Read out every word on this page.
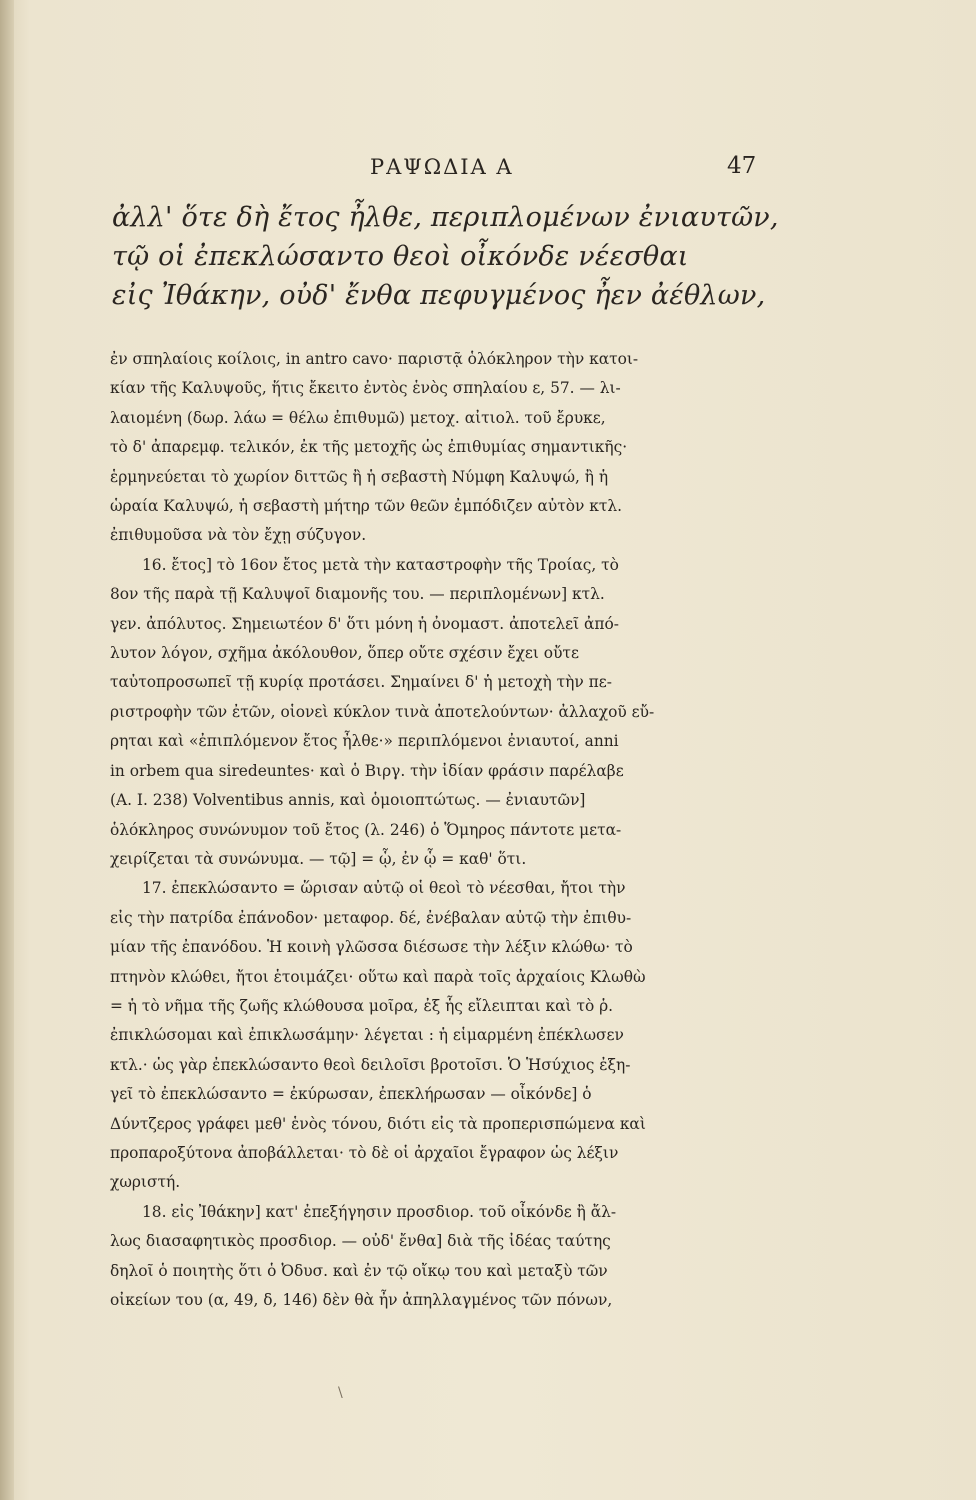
ΡΑΨΩΔΙΑ Α	47
ἀλλ' ὅτε δὴ ἔτος ἦλθε, περιπλομένων ἐνιαυτῶν,
τῷ οἱ ἐπεκλώσαντο θεοὶ οἶκόνδε νέεσθαι
εἰς Ἰθάκην, οὐδ' ἔνθα πεφυγμένος ἦεν ἀέθλων,
ἐν σπηλαίοις κοίλοις, in antro cavo· παριστᾷ ὁλόκληρον τὴν κατοι-
κίαν τῆς Καλυψοῦς, ἥτις ἔκειτο ἐντὸς ἑνὸς σπηλαίου ε, 57. — λι-
λαιομένη (δωρ. λάω = θέλω ἐπιθυμῶ) μετοχ. αἰτιολ. τοῦ ἔρυκε,
τὸ δ' ἀπαρεμφ. τελικόν, ἐκ τῆς μετοχῆς ὡς ἐπιθυμίας σημαντικῆς·
ἑρμηνεύεται τὸ χωρίον διττῶς ἢ ἡ σεβαστὴ Νύμφη Καλυψώ, ἢ ἡ
ὡραία Καλυψώ, ἡ σεβαστὴ μήτηρ τῶν θεῶν ἐμπόδιζεν αὐτὸν κτλ.
ἐπιθυμοῦσα νὰ τὸν ἔχῃ σύζυγον.
16. ἔτος] τὸ 16ον ἔτος μετὰ τὴν καταστροφὴν τῆς Τροίας, τὸ
8ον τῆς παρὰ τῇ Καλυψοῖ διαμονῆς του. — περιπλομένων] κτλ.
γεν. ἀπόλυτος. Σημειωτέον δ' ὅτι μόνη ἡ ὀνομαστ. ἀποτελεῖ ἀπό-
λυτον λόγον, σχῆμα ἀκόλουθον, ὅπερ οὔτε σχέσιν ἔχει οὔτε
ταὐτοπροσωπεῖ τῇ κυρίᾳ προτάσει. Σημαίνει δ' ἡ μετοχὴ τὴν πε-
ριστροφὴν τῶν ἐτῶν, οἱονεὶ κύκλον τινὰ ἀποτελούντων· ἀλλαχοῦ εὔ-
ρηται καὶ «ἐπιπλόμενον ἔτος ἦλθε·» περιπλόμενοι ἐνιαυτοί, anni
in orbem qua siredeuntes· καὶ ὁ Βιργ. τὴν ἰδίαν φράσιν παρέλαβε
(Α. Ι. 238) Volventibus annis, καὶ ὁμοιοπτώτως. — ἐνιαυτῶν]
ὁλόκληρος συνώνυμον τοῦ ἔτος (λ. 246) ὁ Ὅμηρος πάντοτε μετα-
χειρίζεται τὰ συνώνυμα. — τῷ] = ᾧ, ἐν ᾧ = καθ' ὅτι.
17. ἐπεκλώσαντο = ὥρισαν αὐτῷ οἱ θεοὶ τὸ νέεσθαι, ἤτοι τὴν
εἰς τὴν πατρίδα ἐπάνοδον· μεταφορ. δέ, ἐνέβαλαν αὐτῷ τὴν ἐπιθυ-
μίαν τῆς ἐπανόδου. Ἡ κοινὴ γλῶσσα διέσωσε τὴν λέξιν κλώθω· τὸ
πτηνὸν κλώθει, ἤτοι ἑτοιμάζει· οὕτω καὶ παρὰ τοῖς ἀρχαίοις Κλωθὼ
= ἡ τὸ νῆμα τῆς ζωῆς κλώθουσα μοῖρα, ἐξ ἧς εἴλειπται καὶ τὸ ῥ.
ἐπικλώσομαι καὶ ἐπικλωσάμην· λέγεται : ἡ εἱμαρμένη ἐπέκλωσεν
κτλ.· ὡς γὰρ ἐπεκλώσαντο θεοὶ δειλοῖσι βροτοῖσι. Ὁ Ἡσύχιος ἐξη-
γεῖ τὸ ἐπεκλώσαντο = ἐκύρωσαν, ἐπεκλήρωσαν — οἶκόνδε] ὁ
Δύντζερος γράφει μεθ' ἑνὸς τόνου, διότι εἰς τὰ προπερισπώμενα καὶ
προπαροξύτονα ἀποβάλλεται· τὸ δὲ οἱ ἀρχαῖοι ἔγραφον ὡς λέξιν
χωριστή.
18. εἰς Ἰθάκην] κατ' ἐπεξήγησιν προσδιορ. τοῦ οἶκόνδε ἢ ἄλ-
λως διασαφητικὸς προσδιορ. — οὐδ' ἔνθα] διὰ τῆς ἰδέας ταύτης
δηλοῖ ὁ ποιητὴς ὅτι ὁ Ὀδυσ. καὶ ἐν τῷ οἴκῳ του καὶ μεταξὺ τῶν
οἰκείων του (α, 49, δ, 146) δὲν θὰ ἦν ἀπηλλαγμένος τῶν πόνων,
\
